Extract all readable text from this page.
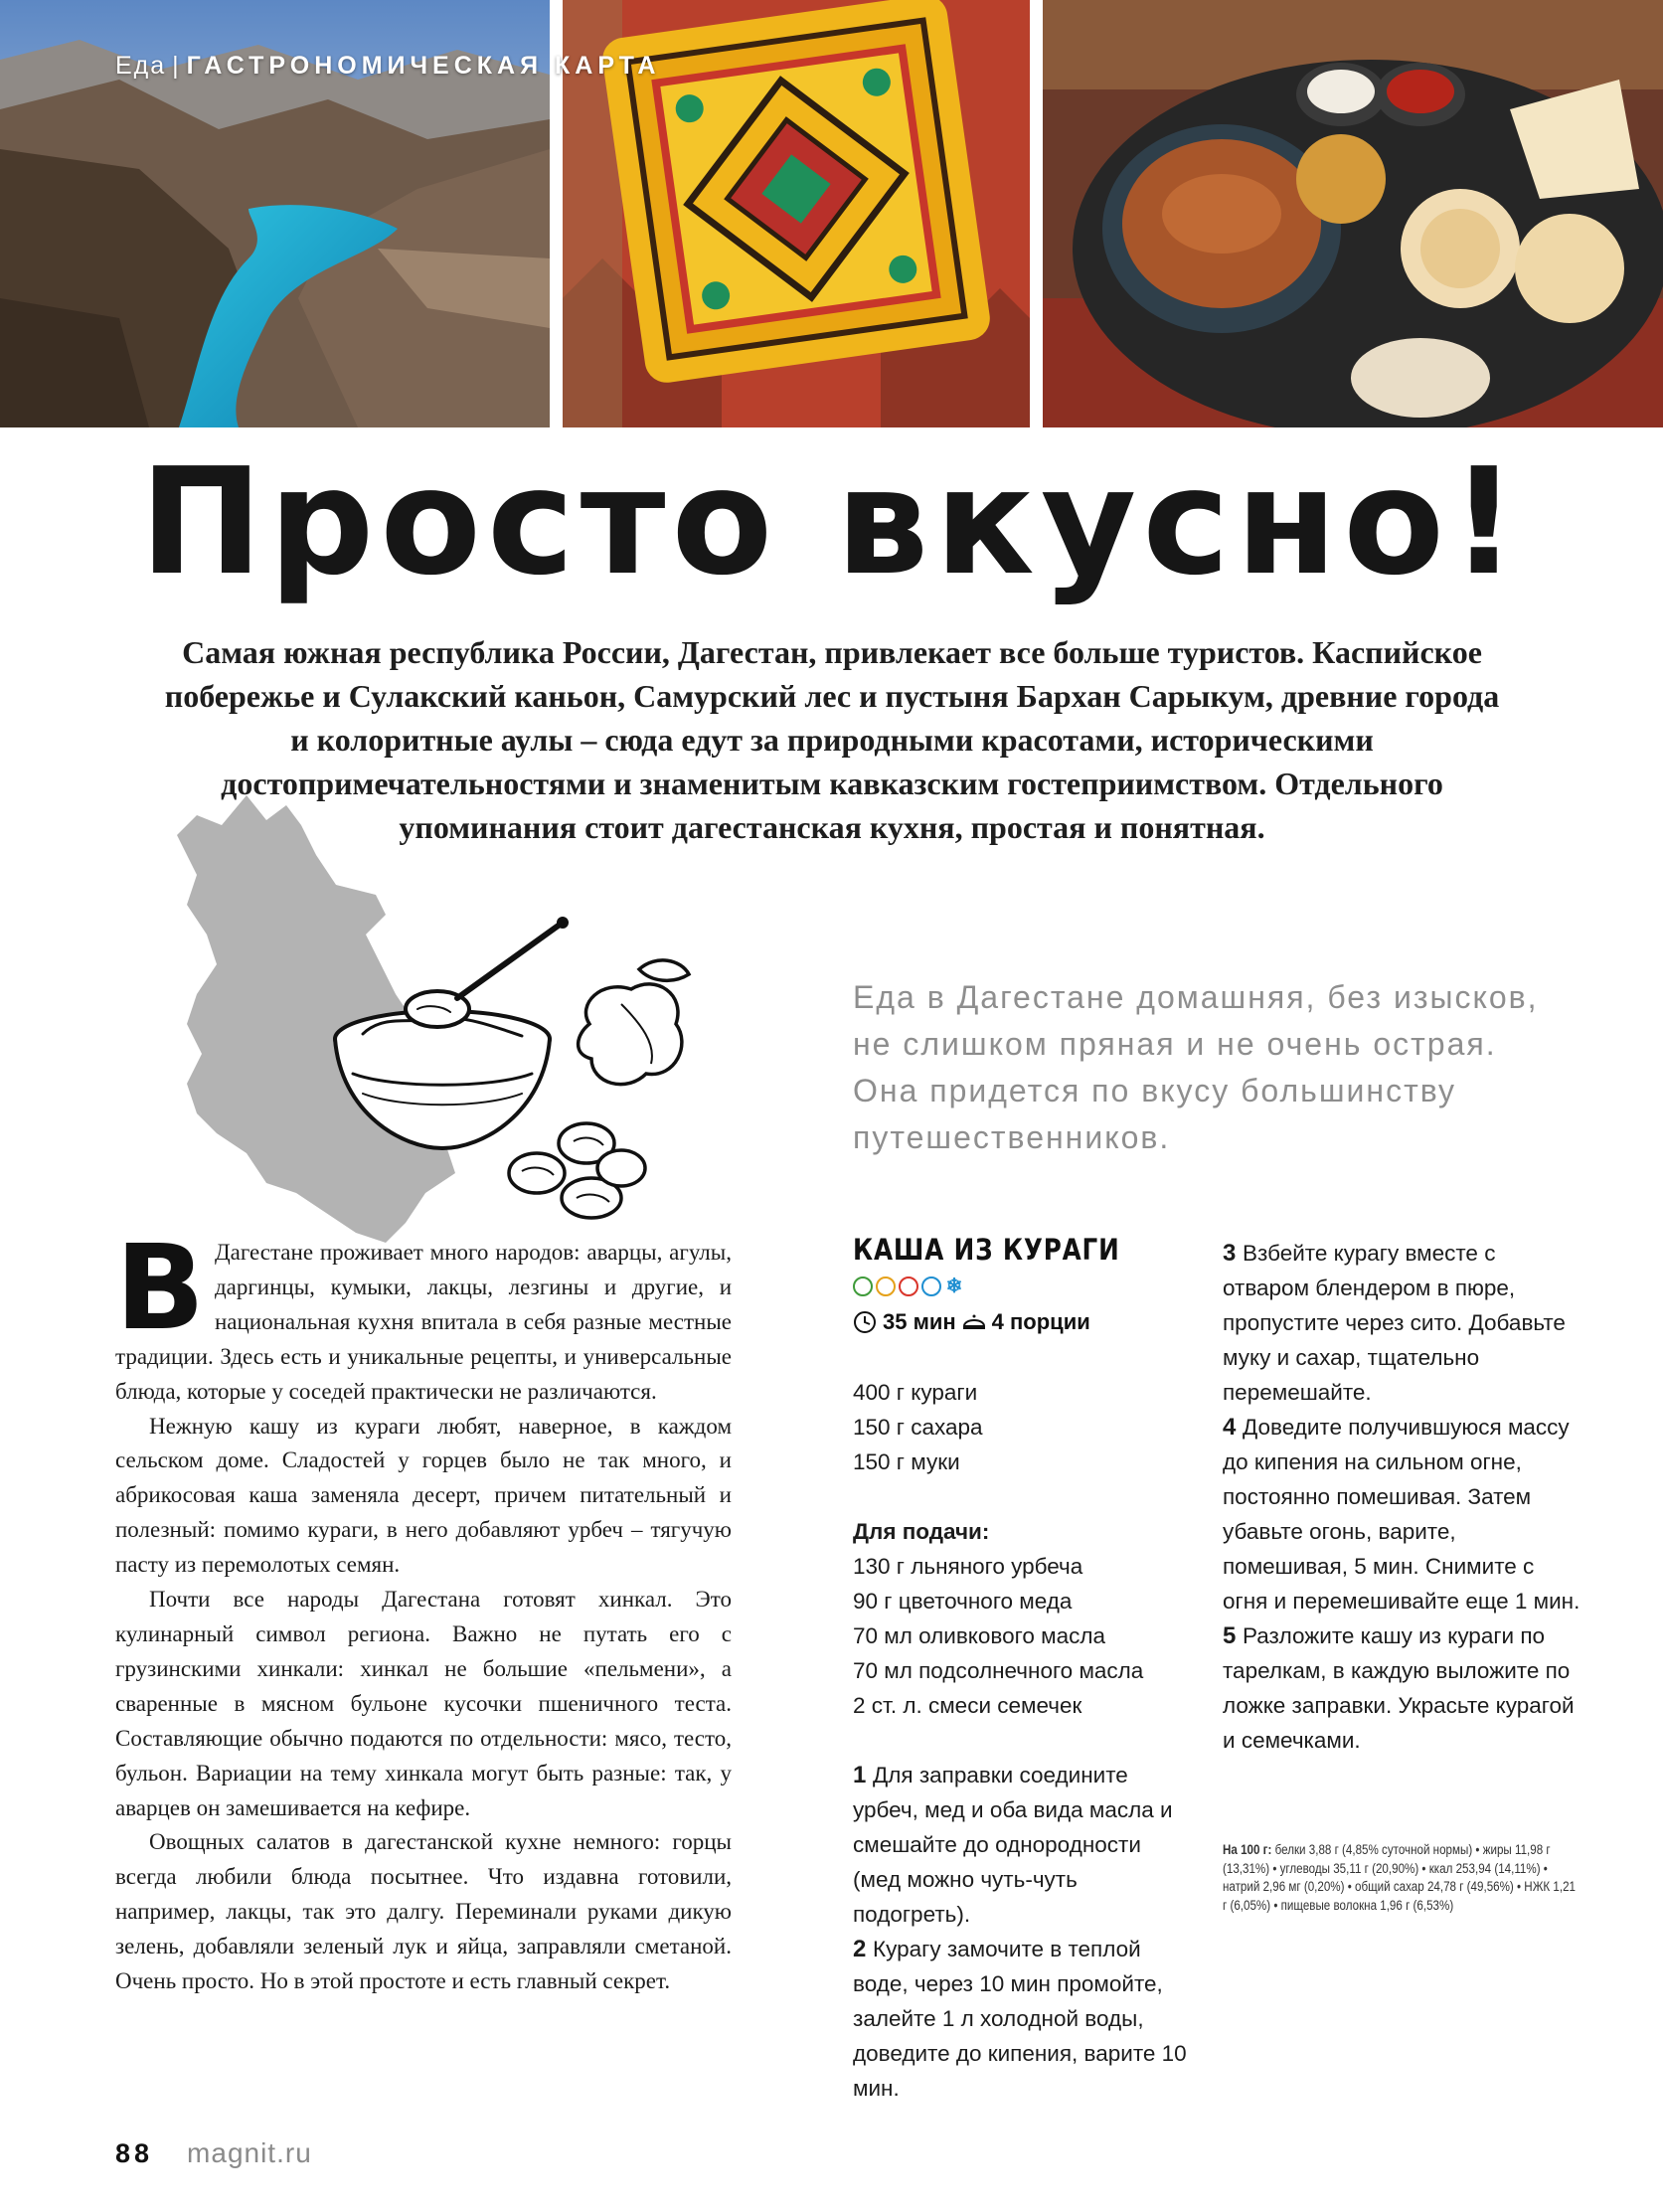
Еда | ГАСТРОНОМИЧЕСКАЯ КАРТА
Просто вкусно!
Самая южная республика России, Дагестан, привлекает все больше туристов. Каспийское побережье и Сулакский каньон, Самурский лес и пустыня Бархан Сарыкум, древние города и колоритные аулы – сюда едут за природными красотами, историческими достопримечательностями и знаменитым кавказским гостеприимством. Отдельного упоминания стоит дагестанская кухня, простая и понятная.
Еда в Дагестане домашняя, без изысков, не слишком пряная и не очень острая. Она придется по вкусу большинству путешественников.

В Дагестане проживает много народов: аварцы, агулы, даргинцы, кумыки, лакцы, лезгины и другие, и национальная кухня впитала в себя разные местные традиции. Здесь есть и уникальные рецепты, и универсальные блюда, которые у соседей практически не различаются.

Нежную кашу из кураги любят, наверное, в каждом сельском доме. Сладостей у горцев было не так много, и абрикосовая каша заменяла десерт, причем питательный и полезный: помимо кураги, в него добавляют урбеч – тягучую пасту из перемолотых семян.

Почти все народы Дагестана готовят хинкал. Это кулинарный символ региона. Важно не путать его с грузинскими хинкали: хинкал не большие «пельмени», а сваренные в мясном бульоне кусочки пшеничного теста. Составляющие обычно подаются по отдельности: мясо, тесто, бульон. Вариации на тему хинкала могут быть разные: так, у аварцев он замешивается на кефире.

Овощных салатов в дагестанской кухне немного: горцы всегда любили блюда посытнее. Что издавна готовили, например, лакцы, так это далгу. Переминали руками дикую зелень, добавляли зеленый лук и яйца, заправляли сметаной. Очень просто. Но в этой простоте и есть главный секрет.

КАША ИЗ КУРАГИ
❄
35 мин 4 порции
400 г кураги
150 г сахара
150 г муки
Для подачи:
130 г льняного урбеча
90 г цветочного меда
70 мл оливкового масла
70 мл подсолнечного масла
2 ст. л. смеси семечек
1 Для заправки соедините урбеч, мед и оба вида масла и смешайте до однородности (мед можно чуть-чуть подогреть).
2 Курагу замочите в теплой воде, через 10 мин промойте, залейте 1 л холодной воды, доведите до кипения, варите 10 мин.
3 Взбейте курагу вместе с отваром блендером в пюре, пропустите через сито. Добавьте муку и сахар, тщательно перемешайте.
4 Доведите получившуюся массу до кипения на сильном огне, постоянно помешивая. Затем убавьте огонь, варите, помешивая, 5 мин. Снимите с огня и перемешивайте еще 1 мин.
5 Разложите кашу из кураги по тарелкам, в каждую выложите по ложке заправки. Украсьте курагой и семечками.
На 100 г: белки 3,88 г (4,85% суточной нормы) • жиры 11,98 г (13,31%) • углеводы 35,11 г (20,90%) • ккал 253,94 (14,11%) • натрий 2,96 мг (0,20%) • общий сахар 24,78 г (49,56%) • НЖК 1,21 г (6,05%) • пищевые волокна 1,96 г (6,53%)
88 magnit.ru
